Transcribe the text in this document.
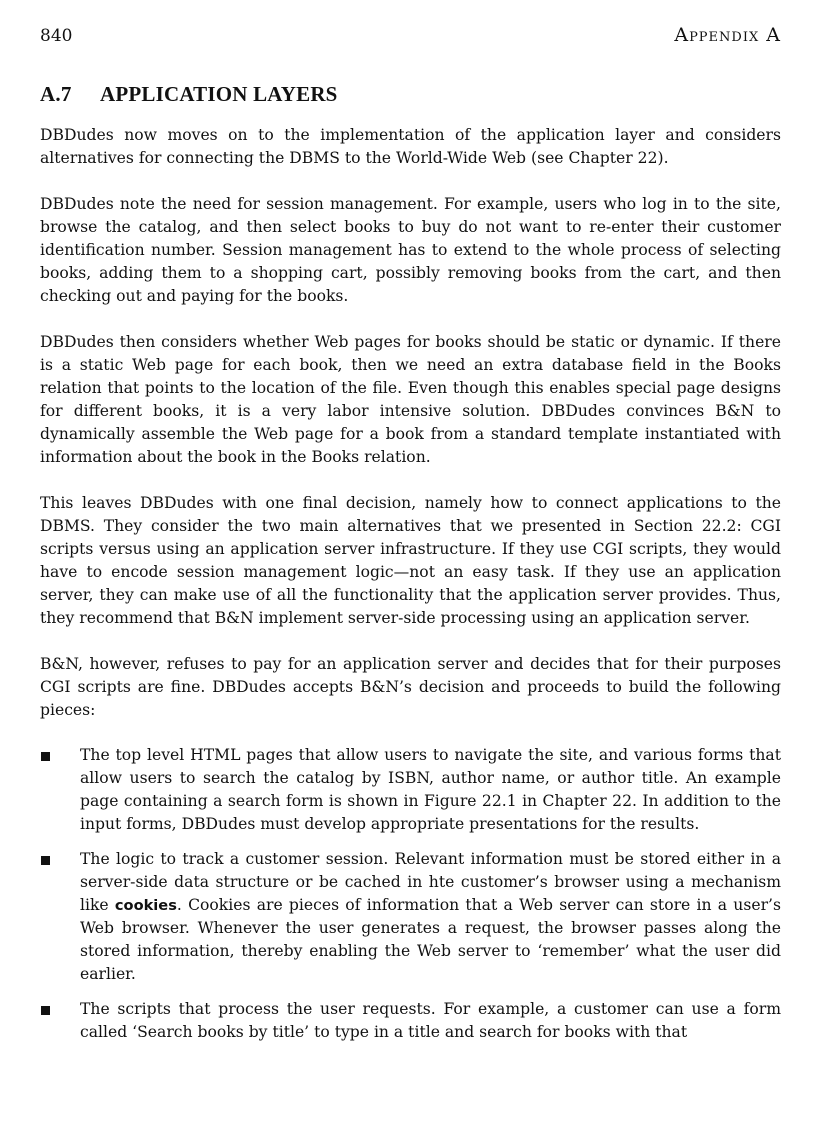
840	Appendix A
A.7 APPLICATION LAYERS

DBDudes now moves on to the implementation of the application layer and considers alternatives for connecting the DBMS to the World-Wide Web (see Chapter 22).

DBDudes note the need for session management. For example, users who log in to the site, browse the catalog, and then select books to buy do not want to re-enter their customer identification number. Session management has to extend to the whole process of selecting books, adding them to a shopping cart, possibly removing books from the cart, and then checking out and paying for the books.

DBDudes then considers whether Web pages for books should be static or dynamic. If there is a static Web page for each book, then we need an extra database field in the Books relation that points to the location of the file. Even though this enables special page designs for different books, it is a very labor intensive solution. DBDudes convinces B&N to dynamically assemble the Web page for a book from a standard template instantiated with information about the book in the Books relation.

This leaves DBDudes with one final decision, namely how to connect applications to the DBMS. They consider the two main alternatives that we presented in Section 22.2: CGI scripts versus using an application server infrastructure. If they use CGI scripts, they would have to encode session management logic—not an easy task. If they use an application server, they can make use of all the functionality that the application server provides. Thus, they recommend that B&N implement server-side processing using an application server.

B&N, however, refuses to pay for an application server and decides that for their purposes CGI scripts are fine. DBDudes accepts B&N’s decision and proceeds to build the following pieces:

The top level HTML pages that allow users to navigate the site, and various forms that allow users to search the catalog by ISBN, author name, or author title. An example page containing a search form is shown in Figure 22.1 in Chapter 22. In addition to the input forms, DBDudes must develop appropriate presentations for the results.
The logic to track a customer session. Relevant information must be stored either in a server-side data structure or be cached in hte customer’s browser using a mechanism like cookies. Cookies are pieces of information that a Web server can store in a user’s Web browser. Whenever the user generates a request, the browser passes along the stored information, thereby enabling the Web server to ‘remember’ what the user did earlier.
The scripts that process the user requests. For example, a customer can use a form called ‘Search books by title’ to type in a title and search for books with that
